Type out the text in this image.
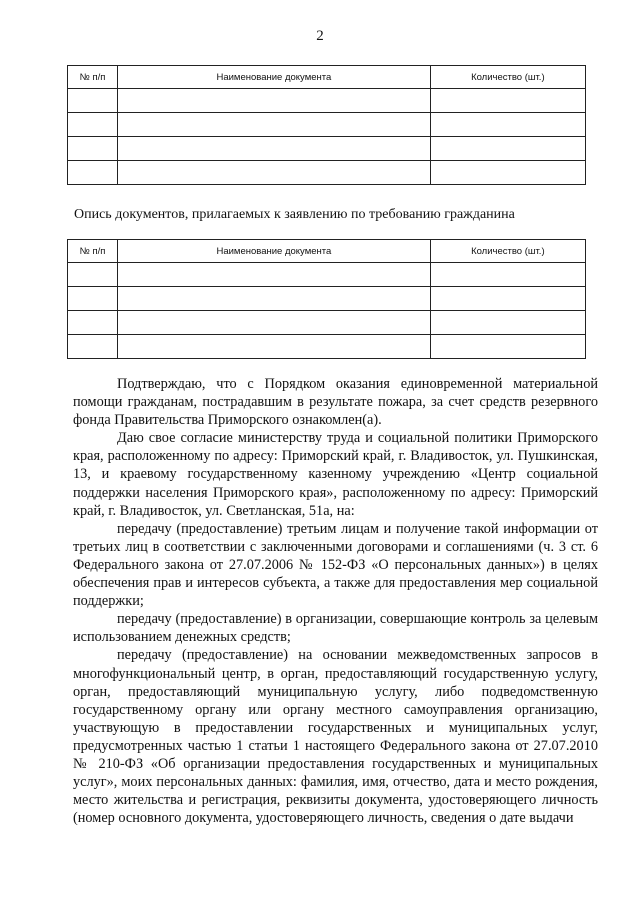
2
№ п/п	Наименование документа	Количество (шт.)

Опись документов, прилагаемых к заявлению по требованию гражданина
№ п/п	Наименование документа	Количество (шт.)

Подтверждаю, что с Порядком оказания единовременной материальной помощи гражданам, пострадавшим в результате пожара, за счет средств резервного фонда Правительства Приморского ознакомлен(а).

Даю свое согласие министерству труда и социальной политики Приморского края, расположенному по адресу: Приморский край, г. Владивосток, ул. Пушкинская, 13, и краевому государственному казенному учреждению «Центр социальной поддержки населения Приморского края», расположенному по адресу: Приморский край, г. Владивосток, ул. Светланская, 51а, на:

передачу (предоставление) третьим лицам и получение такой информации от третьих лиц в соответствии с заключенными договорами и соглашениями (ч. 3 ст. 6 Федерального закона от 27.07.2006 № 152-ФЗ «О персональных данных») в целях обеспечения прав и интересов субъекта, а также для предоставления мер социальной поддержки;

передачу (предоставление) в организации, совершающие контроль за целевым использованием денежных средств;

передачу (предоставление) на основании межведомственных запросов в многофункциональный центр, в орган, предоставляющий государственную услугу, орган, предоставляющий муниципальную услугу, либо подведомственную государственному органу или органу местного самоуправления организацию, участвующую в предоставлении государственных и муниципальных услуг, предусмотренных частью 1 статьи 1 настоящего Федерального закона от 27.07.2010 № 210-ФЗ «Об организации предоставления государственных и муниципальных услуг», моих персональных данных: фамилия, имя, отчество, дата и место рождения, место жительства и регистрация, реквизиты документа, удостоверяющего личность (номер основного документа, удостоверяющего личность, сведения о дате выдачи
